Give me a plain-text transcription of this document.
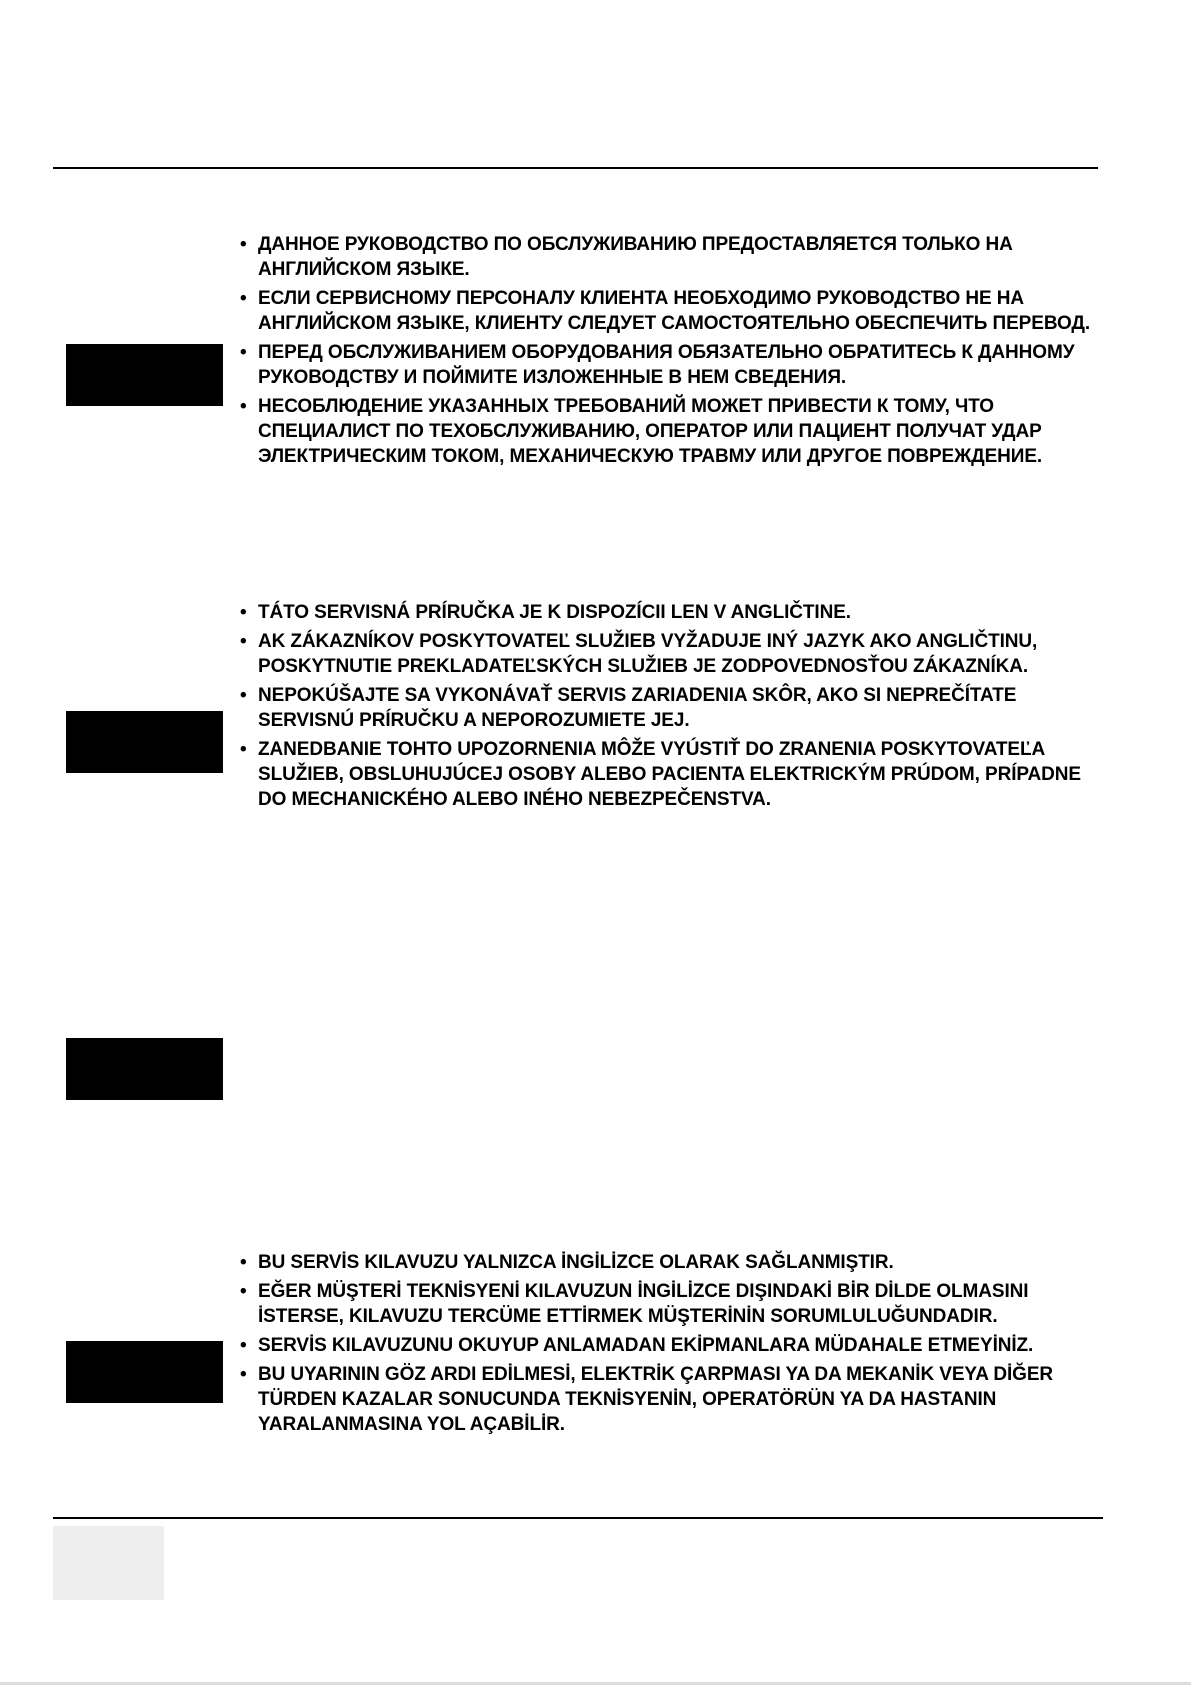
• ДАННОЕ РУКОВОДСТВО ПО ОБСЛУЖИВАНИЮ ПРЕДОСТАВЛЯЕТСЯ ТОЛЬКО НА АНГЛИЙСКОМ ЯЗЫКЕ.
• ЕСЛИ СЕРВИСНОМУ ПЕРСОНАЛУ КЛИЕНТА НЕОБХОДИМО РУКОВОДСТВО НЕ НА АНГЛИЙСКОМ ЯЗЫКЕ, КЛИЕНТУ СЛЕДУЕТ САМОСТОЯТЕЛЬНО ОБЕСПЕЧИТЬ ПЕРЕВОД.
• ПЕРЕД ОБСЛУЖИВАНИЕМ ОБОРУДОВАНИЯ ОБЯЗАТЕЛЬНО ОБРАТИТЕСЬ К ДАННОМУ РУКОВОДСТВУ И ПОЙМИТЕ ИЗЛОЖЕННЫЕ В НЕМ СВЕДЕНИЯ.
• НЕСОБЛЮДЕНИЕ УКАЗАННЫХ ТРЕБОВАНИЙ МОЖЕТ ПРИВЕСТИ К ТОМУ, ЧТО СПЕЦИАЛИСТ ПО ТЕХОБСЛУЖИВАНИЮ, ОПЕРАТОР ИЛИ ПАЦИЕНТ ПОЛУЧАТ УДАР ЭЛЕКТРИЧЕСКИМ ТОКОМ, МЕХАНИЧЕСКУЮ ТРАВМУ ИЛИ ДРУГОЕ ПОВРЕЖДЕНИЕ.
• TÁTO SERVISNÁ PRÍRUČKA JE K DISPOZÍCII LEN V ANGLIČTINE.
• AK ZÁKAZNÍKOV POSKYTOVATEĽ SLUŽIEB VYŽADUJE INÝ JAZYK AKO ANGLIČTINU, POSKYTNUTIE PREKLADATEĽSKÝCH SLUŽIEB JE ZODPOVEDNOSŤOU ZÁKAZNÍKA.
• NEPOKÚŠAJTE SA VYKONÁVAŤ SERVIS ZARIADENIA SKÔR, AKO SI NEPREČÍTATE SERVISNÚ PRÍRUČKU A NEPOROZUMIETE JEJ.
• ZANEDBANIE TOHTO UPOZORNENIA MÔŽE VYÚSTIŤ DO ZRANENIA POSKYTOVATEĽA SLUŽIEB, OBSLUHUJÚCEJ OSOBY ALEBO PACIENTA ELEKTRICKÝM PRÚDOM, PRÍPADNE DO MECHANICKÉHO ALEBO INÉHO NEBEZPEČENSTVA.
• BU SERVİS KILAVUZU YALNIZCA İNGİLİZCE OLARAK SAĞLANMIŞTIR.
• EĞER MÜŞTERİ TEKNİSYENİ KILAVUZUN İNGİLİZCE DIŞINDAKİ BİR DİLDE OLMASINI İSTERSE, KILAVUZU TERCÜME ETTİRMEK MÜŞTERİNİN SORUMLULUĞUNDADIR.
• SERVİS KILAVUZUNU OKUYUP ANLAMADAN EKİPMANLARA MÜDAHALE ETMEYİNİZ.
• BU UYARININ GÖZ ARDI EDİLMESİ, ELEKTRİK ÇARPMASI YA DA MEKANİK VEYA DİĞER TÜRDEN KAZALAR SONUCUNDA TEKNİSYENİN, OPERATÖRÜN YA DA HASTANIN YARALANMASINA YOL AÇABİLİR.
